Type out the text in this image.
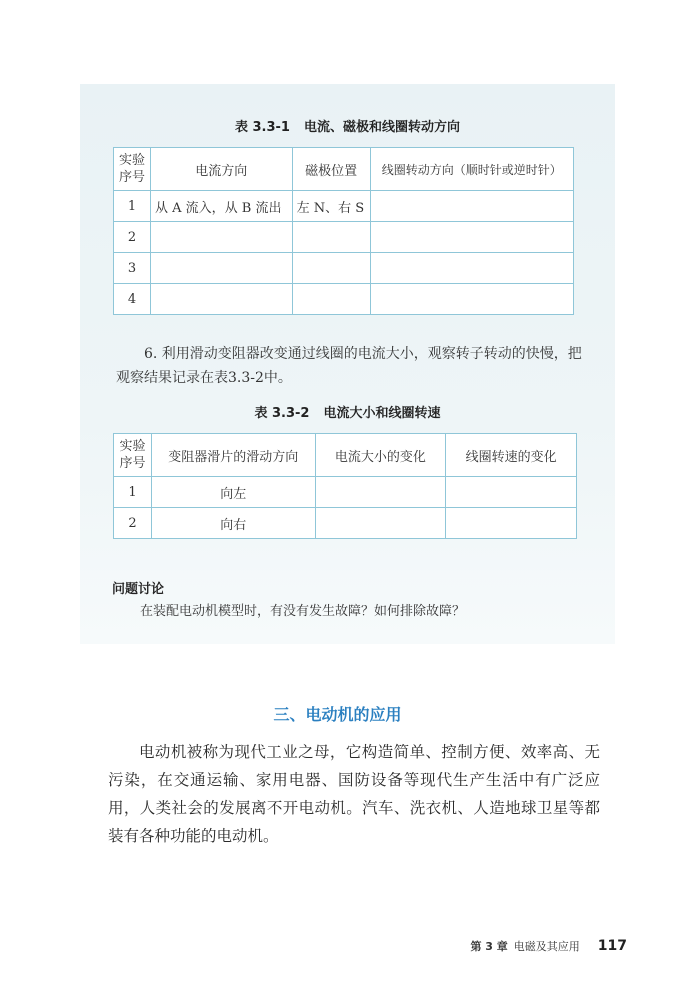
表 3.3-1 电流、磁极和线圈转动方向
实验
序号	电流方向	磁极位置	线圈转动方向（顺时针或逆时针）
1	从 A 流入，从 B 流出	左 N、右 S	
2			
3			
4			
6. 利用滑动变阻器改变通过线圈的电流大小，观察转子转动的快慢，把观察结果记录在表3.3-2中。
表 3.3-2 电流大小和线圈转速
实验
序号	变阻器滑片的滑动方向	电流大小的变化	线圈转速的变化
1	向左		
2	向右		
问题讨论
在装配电动机模型时，有没有发生故障？如何排除故障？
三、电动机的应用
电动机被称为现代工业之母，它构造简单、控制方便、效率高、无污染，在交通运输、家用电器、国防设备等现代生产生活中有广泛应用，人类社会的发展离不开电动机。汽车、洗衣机、人造地球卫星等都装有各种功能的电动机。
第 3 章 电磁及其应用 117
